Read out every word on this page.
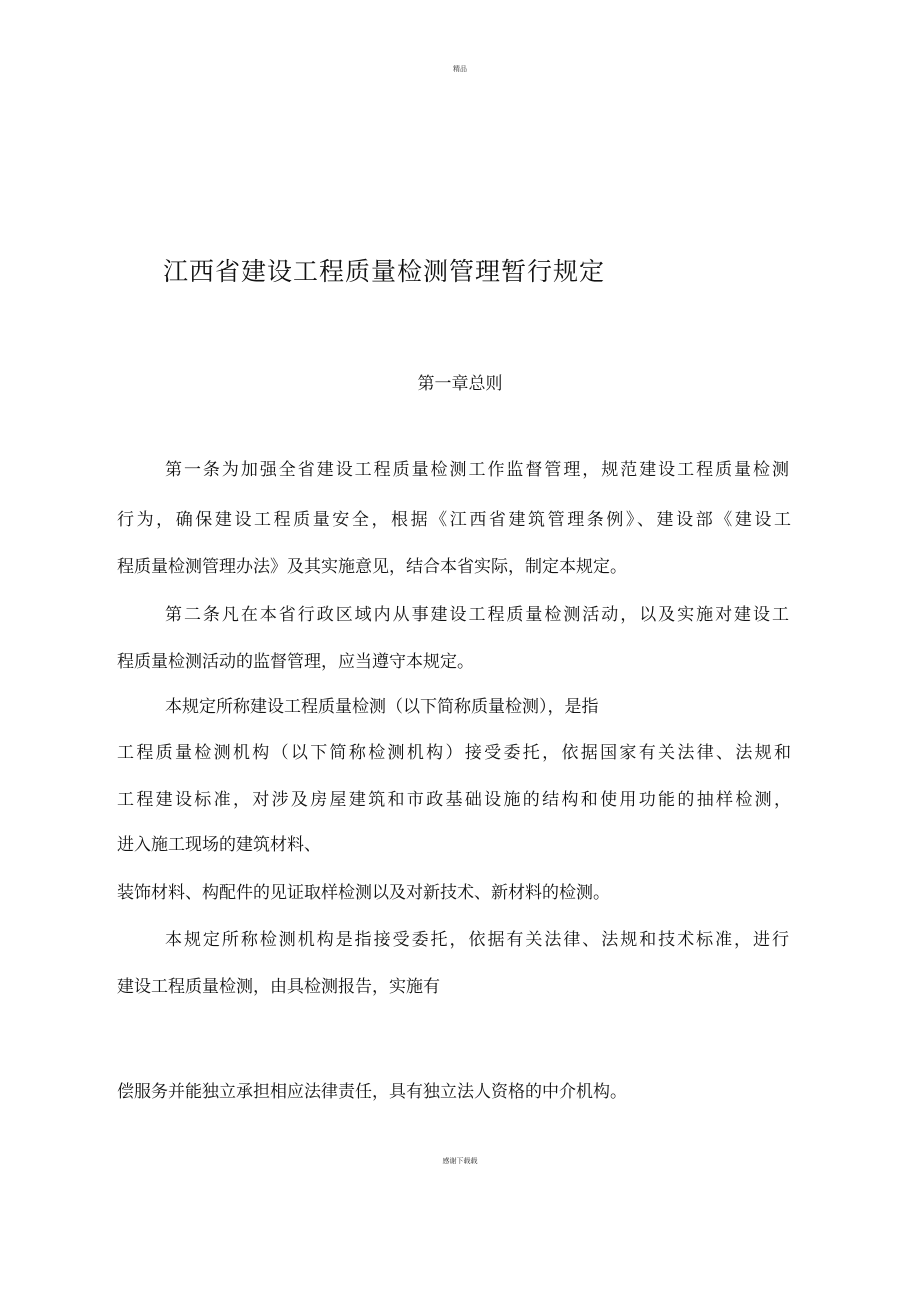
精品
江西省建设工程质量检测管理暂行规定
第一章总则
第一条为加强全省建设工程质量检测工作监督管理，规范建设工程质量检测
行为，确保建设工程质量安全，根据《江西省建筑管理条例》、建设部《建设工
程质量检测管理办法》及其实施意见，结合本省实际，制定本规定。
第二条凡在本省行政区域内从事建设工程质量检测活动，以及实施对建设工
程质量检测活动的监督管理，应当遵守本规定。
本规定所称建设工程质量检测（以下简称质量检测），是指
工程质量检测机构（以下简称检测机构）接受委托，依据国家有关法律、法规和
工程建设标准，对涉及房屋建筑和市政基础设施的结构和使用功能的抽样检测，
进入施工现场的建筑材料、
装饰材料、构配件的见证取样检测以及对新技术、新材料的检测。
本规定所称检测机构是指接受委托，依据有关法律、法规和技术标准，进行
建设工程质量检测，由具检测报告，实施有
偿服务并能独立承担相应法律责任，具有独立法人资格的中介机构。
感谢下载载
